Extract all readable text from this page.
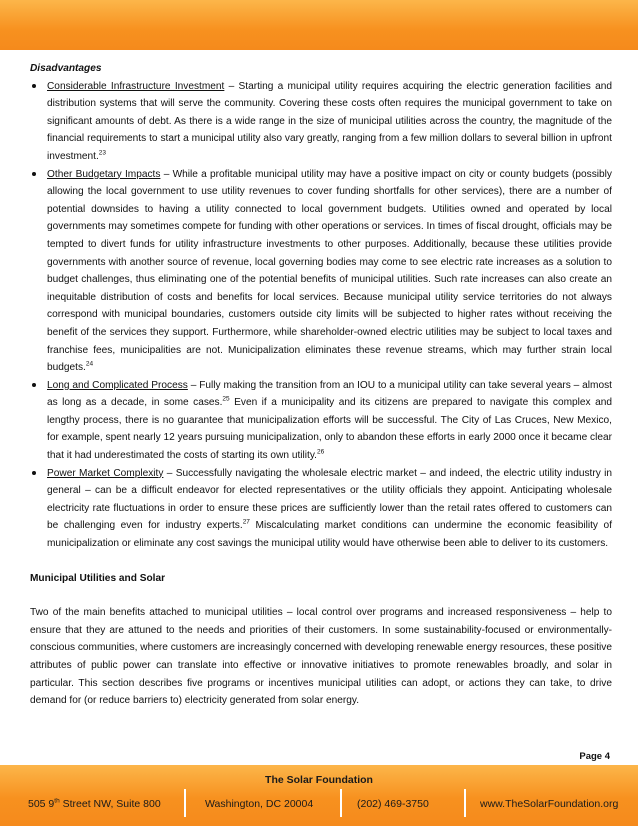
Disadvantages
Considerable Infrastructure Investment – Starting a municipal utility requires acquiring the electric generation facilities and distribution systems that will serve the community. Covering these costs often requires the municipal government to take on significant amounts of debt. As there is a wide range in the size of municipal utilities across the country, the magnitude of the financial requirements to start a municipal utility also vary greatly, ranging from a few million dollars to several billion in upfront investment.$^{23}$
Other Budgetary Impacts – While a profitable municipal utility may have a positive impact on city or county budgets (possibly allowing the local government to use utility revenues to cover funding shortfalls for other services), there are a number of potential downsides to having a utility connected to local government budgets. Utilities owned and operated by local governments may sometimes compete for funding with other operations or services. In times of fiscal drought, officials may be tempted to divert funds for utility infrastructure investments to other purposes. Additionally, because these utilities provide governments with another source of revenue, local governing bodies may come to see electric rate increases as a solution to budget challenges, thus eliminating one of the potential benefits of municipal utilities. Such rate increases can also create an inequitable distribution of costs and benefits for local services. Because municipal utility service territories do not always correspond with municipal boundaries, customers outside city limits will be subjected to higher rates without receiving the benefit of the services they support. Furthermore, while shareholder-owned electric utilities may be subject to local taxes and franchise fees, municipalities are not. Municipalization eliminates these revenue streams, which may further strain local budgets.$^{24}$
Long and Complicated Process – Fully making the transition from an IOU to a municipal utility can take several years – almost as long as a decade, in some cases.$^{25}$ Even if a municipality and its citizens are prepared to navigate this complex and lengthy process, there is no guarantee that municipalization efforts will be successful. The City of Las Cruces, New Mexico, for example, spent nearly 12 years pursuing municipalization, only to abandon these efforts in early 2000 once it became clear that it had underestimated the costs of starting its own utility.$^{26}$
Power Market Complexity – Successfully navigating the wholesale electric market – and indeed, the electric utility industry in general – can be a difficult endeavor for elected representatives or the utility officials they appoint. Anticipating wholesale electricity rate fluctuations in order to ensure these prices are sufficiently lower than the retail rates offered to customers can be challenging even for industry experts.$^{27}$ Miscalculating market conditions can undermine the economic feasibility of municipalization or eliminate any cost savings the municipal utility would have otherwise been able to deliver to its customers.
Municipal Utilities and Solar
Two of the main benefits attached to municipal utilities – local control over programs and increased responsiveness – help to ensure that they are attuned to the needs and priorities of their customers. In some sustainability-focused or environmentally-conscious communities, where customers are increasingly concerned with developing renewable energy resources, these positive attributes of public power can translate into effective or innovative initiatives to promote renewables broadly, and solar in particular. This section describes five programs or incentives municipal utilities can adopt, or actions they can take, to drive demand for (or reduce barriers to) electricity generated from solar energy.
Page 4
The Solar Foundation
505 9th Street NW, Suite 800	Washington, DC 20004	(202) 469-3750	www.TheSolarFoundation.org
